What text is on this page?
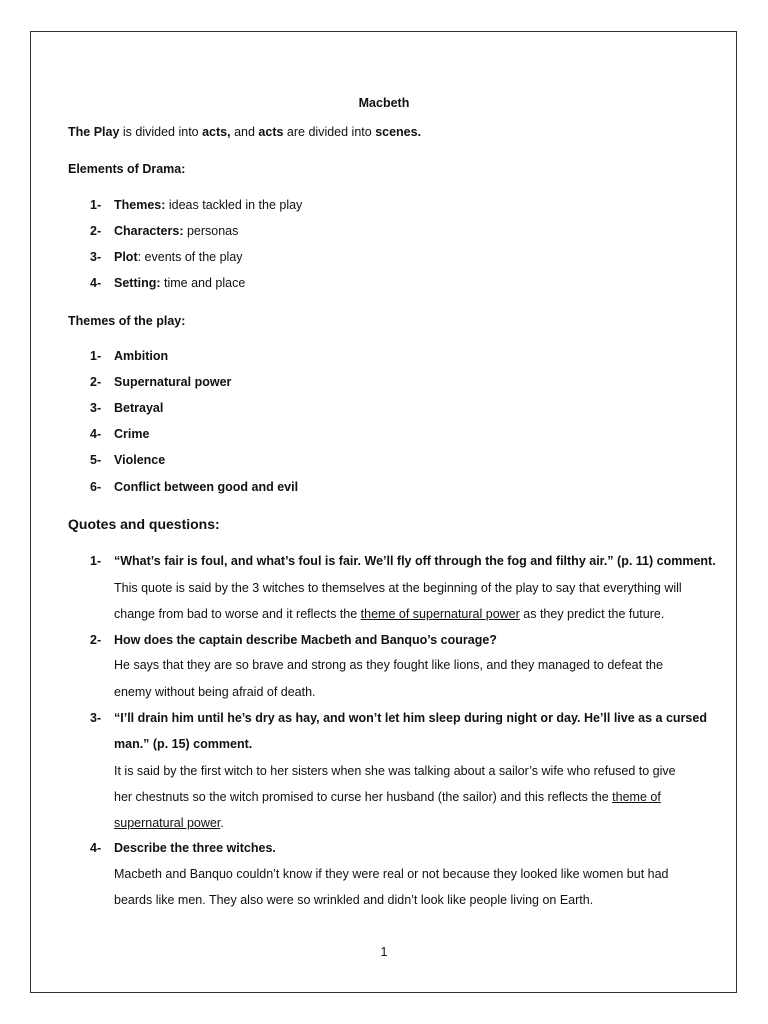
Macbeth
The Play is divided into acts, and acts are divided into scenes.
Elements of Drama:
1- Themes: ideas tackled in the play
2- Characters: personas
3- Plot: events of the play
4- Setting: time and place
Themes of the play:
1- Ambition
2- Supernatural power
3- Betrayal
4- Crime
5- Violence
6- Conflict between good and evil
Quotes and questions:
1- “What’s fair is foul, and what’s foul is fair. We’ll fly off through the fog and filthy air.” (p. 11) comment.
This quote is said by the 3 witches to themselves at the beginning of the play to say that everything will
change from bad to worse and it reflects the theme of supernatural power as they predict the future.
2- How does the captain describe Macbeth and Banquo’s courage?
He says that they are so brave and strong as they fought like lions, and they managed to defeat the
enemy without being afraid of death.
3- “I’ll drain him until he’s dry as hay, and won’t let him sleep during night or day. He’ll live as a cursed
man.” (p. 15) comment.
It is said by the first witch to her sisters when she was talking about a sailor’s wife who refused to give
her chestnuts so the witch promised to curse her husband (the sailor) and this reflects the theme of
supernatural power.
4- Describe the three witches.
Macbeth and Banquo couldn’t know if they were real or not because they looked like women but had
beards like men. They also were so wrinkled and didn’t look like people living on Earth.
1
